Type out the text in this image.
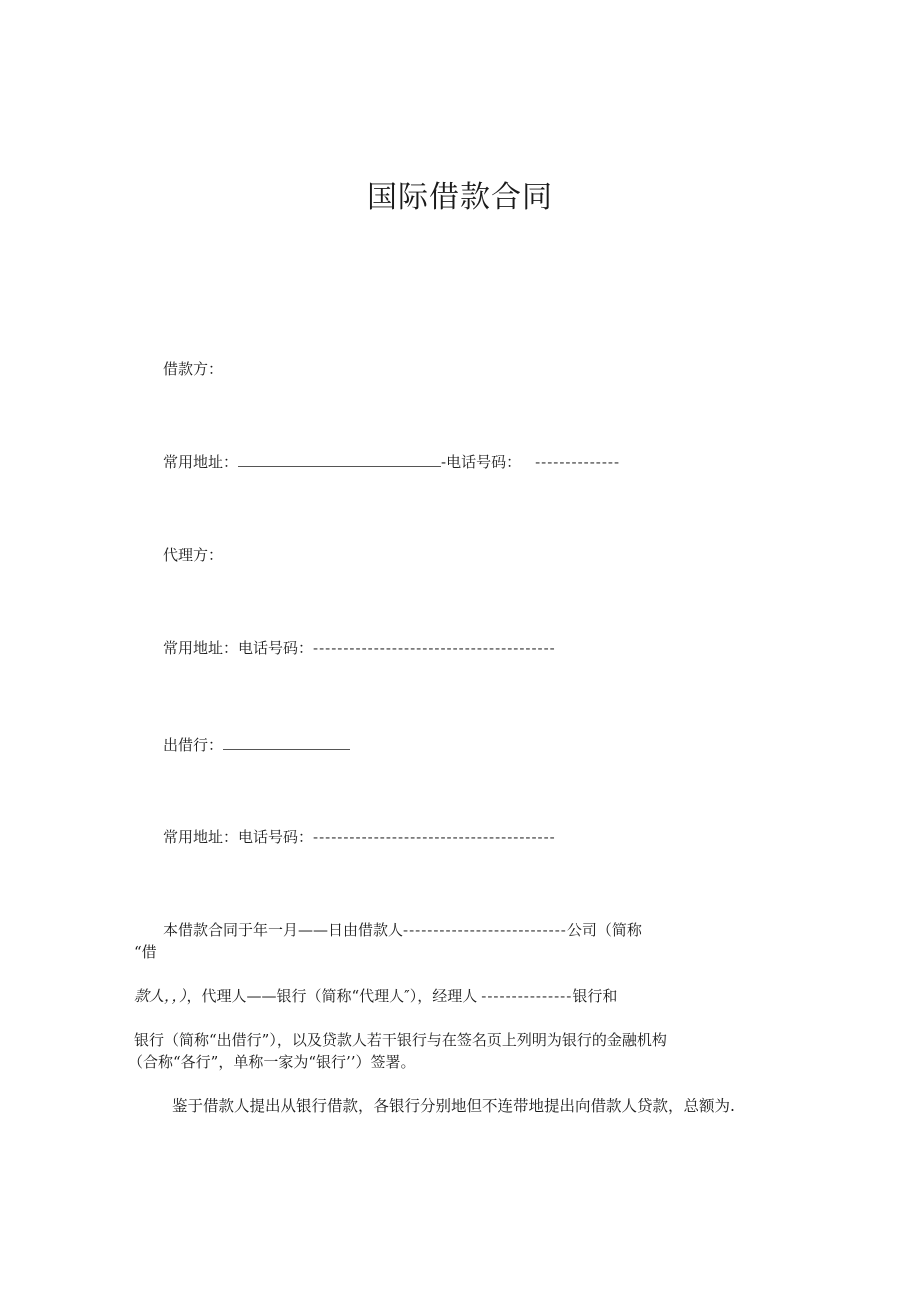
国际借款合同
借款方：
常用地址：	-电话号码： --------------
代理方：
常用地址：电话号码：----------------------------------------
出借行：
常用地址：电话号码：----------------------------------------
本借款合同于年一月——日由借款人---------------------------公司（简称
“借
款人，，），代理人——银行（简称“代理人″），经理人 ---------------银行和
银行（简称“出借行”），以及贷款人若干银行与在签名页上列明为银行的金融机构
（合称“各行”，单称一家为“银行’’）签署。
鉴于借款人提出从银行借款，各银行分别地但不连带地提出向借款人贷款，总额为.
